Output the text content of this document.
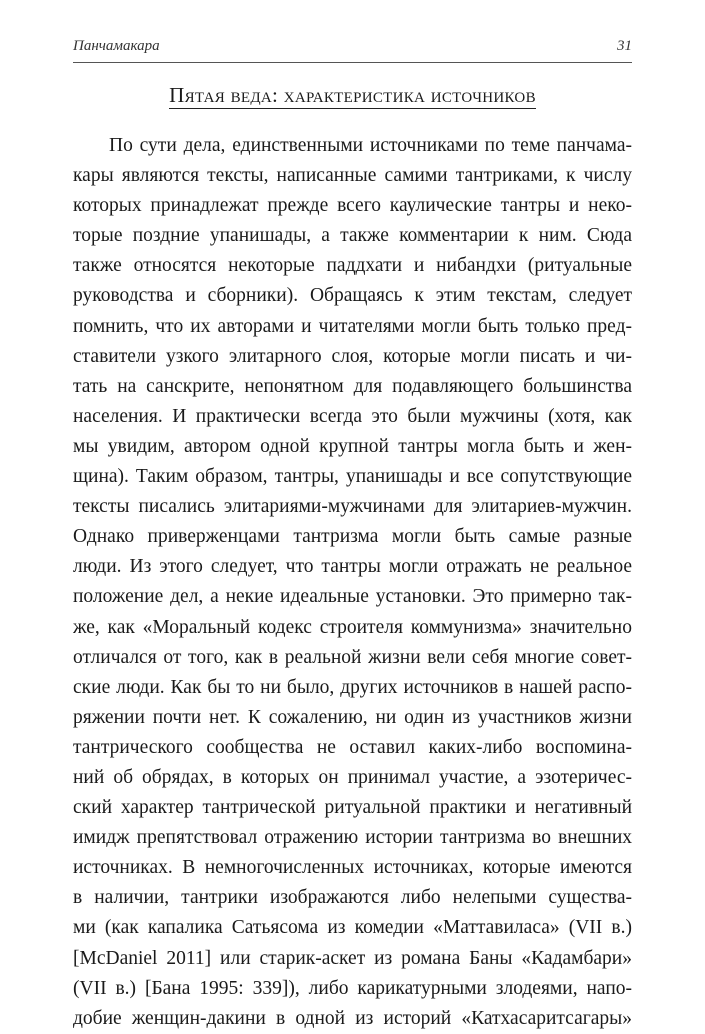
Панчамакара	31
Пятая веда: характеристика источников
По сути дела, единственными источниками по теме панчама-
кары являются тексты, написанные самими тантриками, к числу
которых принадлежат прежде всего каулические тантры и неко-
торые поздние упанишады, а также комментарии к ним. Сюда
также относятся некоторые паддхати и нибандхи (ритуальные
руководства и сборники). Обращаясь к этим текстам, следует
помнить, что их авторами и читателями могли быть только пред-
ставители узкого элитарного слоя, которые могли писать и чи-
тать на санскрите, непонятном для подавляющего большинства
населения. И практически всегда это были мужчины (хотя, как
мы увидим, автором одной крупной тантры могла быть и жен-
щина). Таким образом, тантры, упанишады и все сопутствующие
тексты писались элитариями-мужчинами для элитариев-мужчин.
Однако приверженцами тантризма могли быть самые разные
люди. Из этого следует, что тантры могли отражать не реальное
положение дел, а некие идеальные установки. Это примерно так-
же, как «Моральный кодекс строителя коммунизма» значительно
отличался от того, как в реальной жизни вели себя многие совет-
ские люди. Как бы то ни было, других источников в нашей распо-
ряжении почти нет. К сожалению, ни один из участников жизни
тантрического сообщества не оставил каких-либо воспомина-
ний об обрядах, в которых он принимал участие, а эзотеричес-
ский характер тантрической ритуальной практики и негативный
имидж препятствовал отражению истории тантризма во внешних
источниках. В немногочисленных источниках, которые имеются
в наличии, тантрики изображаются либо нелепыми существа-
ми (как капалика Сатьясома из комедии «Маттавиласа» (VII в.)
[McDaniel 2011] или старик-аскет из романа Баны «Кадамбари»
(VII в.) [Бана 1995: 339]), либо карикатурными злодеями, напо-
добие женщин-дакини в одной из историй «Катхасаритсагары»
